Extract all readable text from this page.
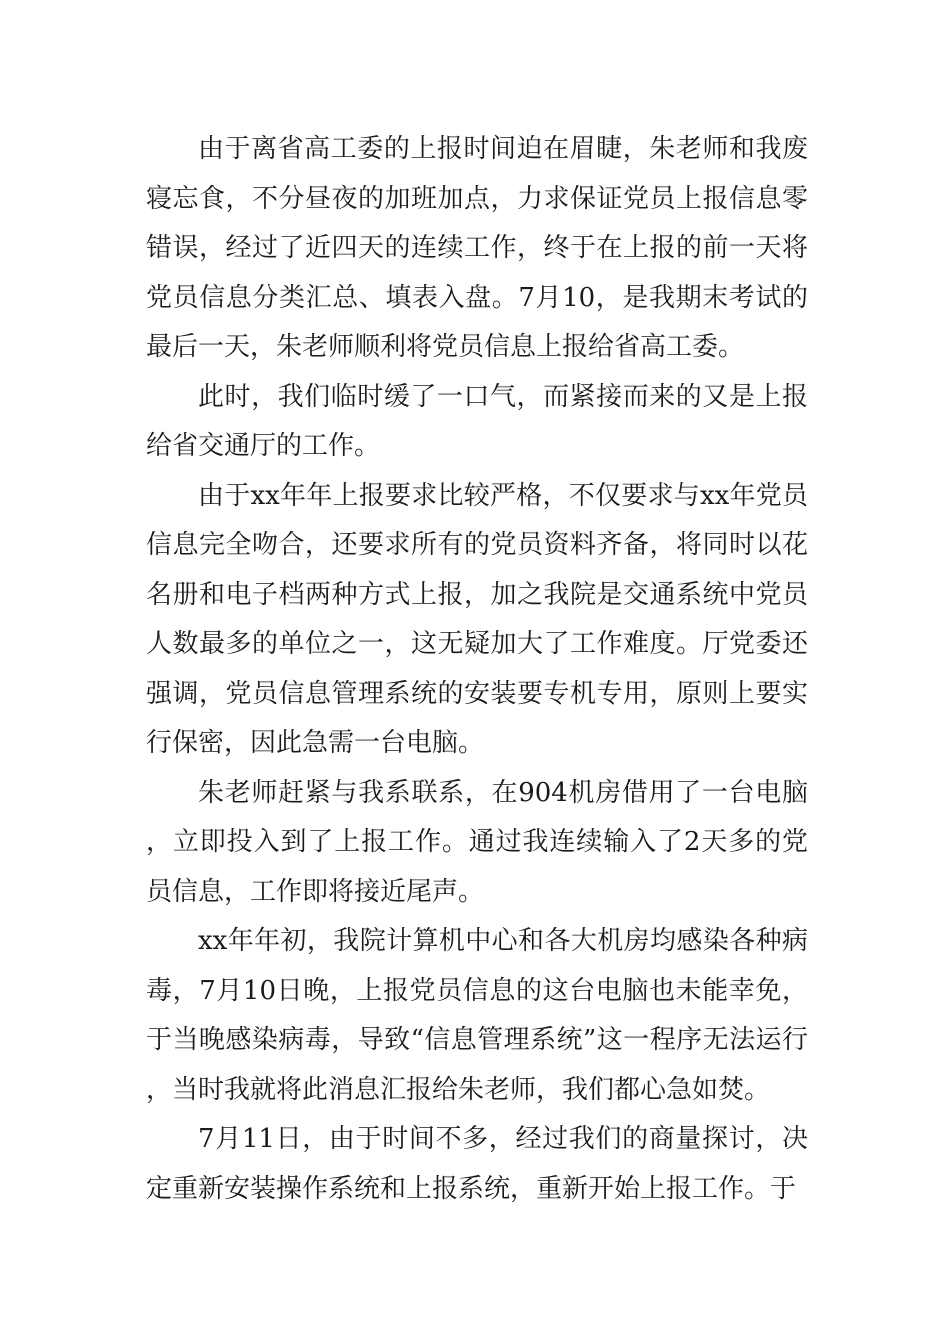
由于离省高工委的上报时间迫在眉睫，朱老师和我废寝忘食，不分昼夜的加班加点，力求保证党员上报信息零错误，经过了近四天的连续工作，终于在上报的前一天将党员信息分类汇总、填表入盘。7月10，是我期末考试的最后一天，朱老师顺利将党员信息上报给省高工委。

此时，我们临时缓了一口气，而紧接而来的又是上报给省交通厅的工作。

由于xx年年上报要求比较严格，不仅要求与xx年党员信息完全吻合，还要求所有的党员资料齐备，将同时以花名册和电子档两种方式上报，加之我院是交通系统中党员人数最多的单位之一，这无疑加大了工作难度。厅党委还强调，党员信息管理系统的安装要专机专用，原则上要实行保密，因此急需一台电脑。

朱老师赶紧与我系联系，在904机房借用了一台电脑，立即投入到了上报工作。通过我连续输入了2天多的党员信息，工作即将接近尾声。

xx年年初，我院计算机中心和各大机房均感染各种病毒，7月10日晚，上报党员信息的这台电脑也未能幸免，于当晚感染病毒，导致“信息管理系统”这一程序无法运行，当时我就将此消息汇报给朱老师，我们都心急如焚。

7月11日，由于时间不多，经过我们的商量探讨，决定重新安装操作系统和上报系统，重新开始上报工作。于
